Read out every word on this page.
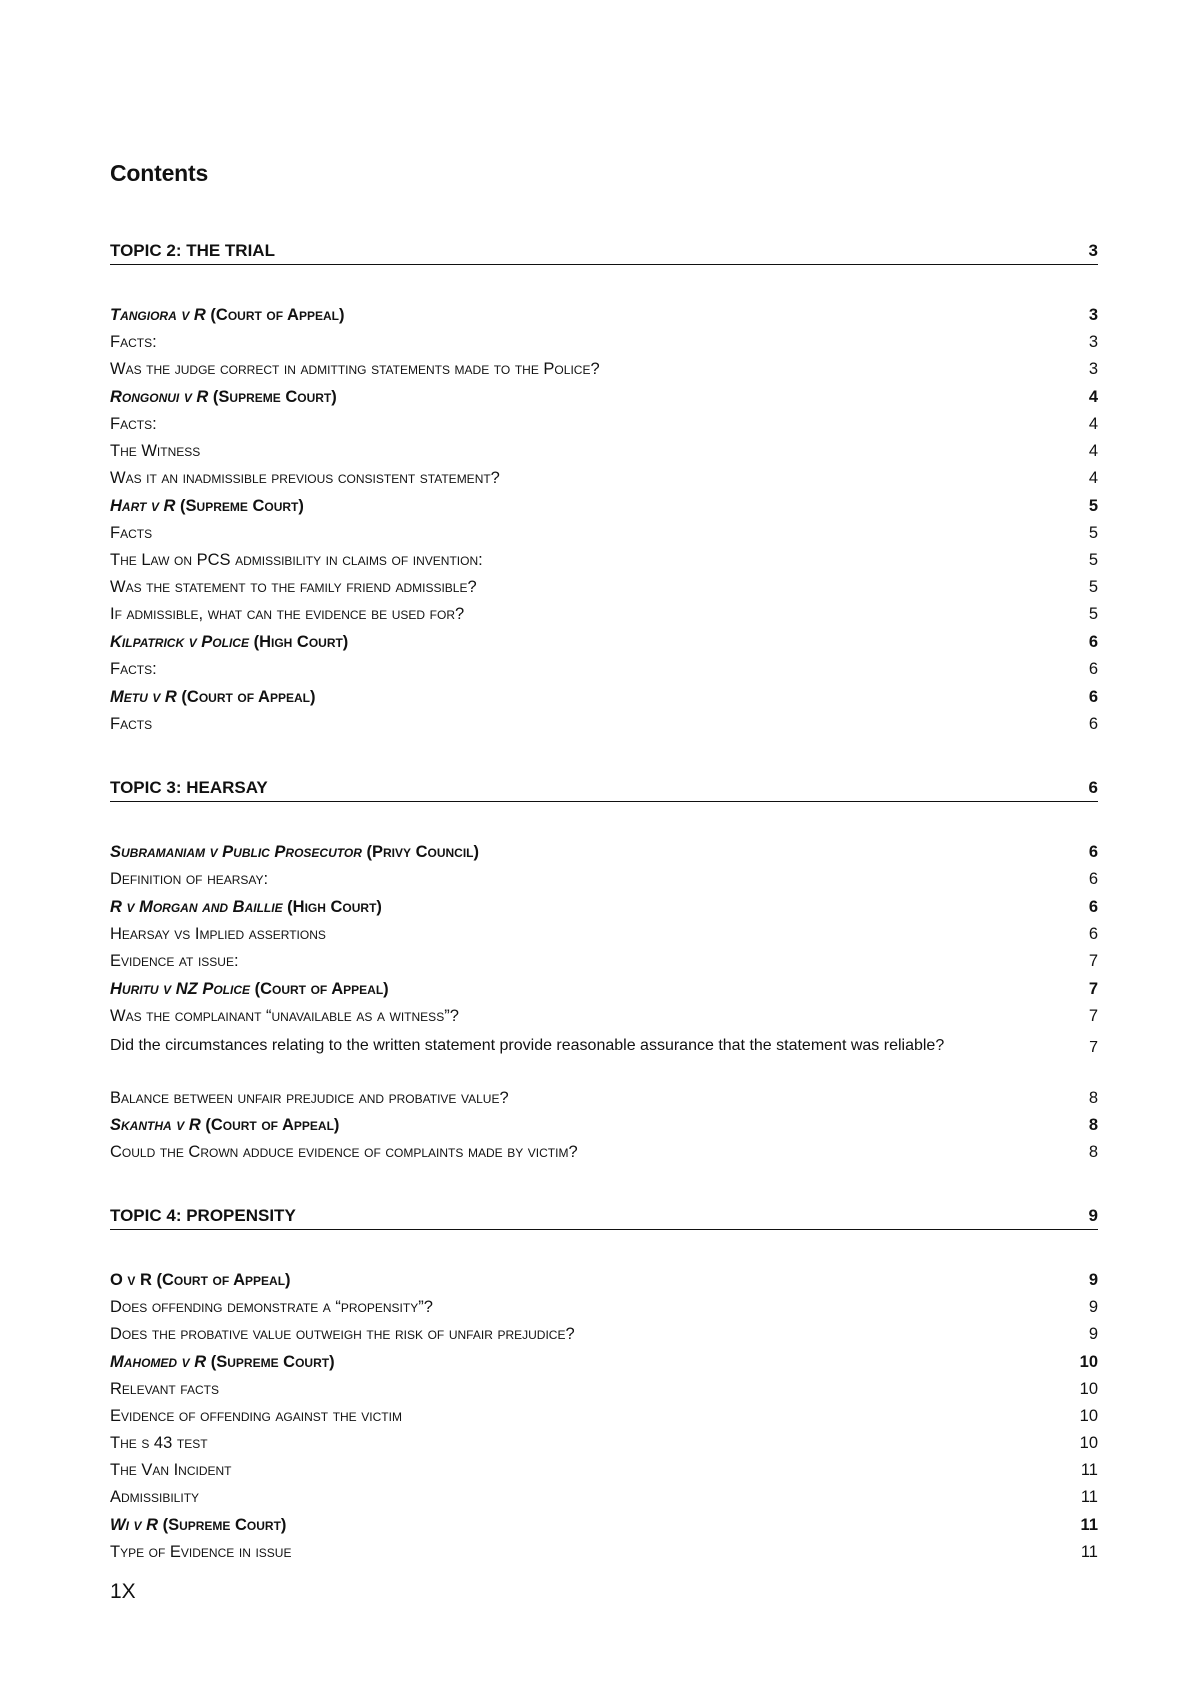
Contents
TOPIC 2: THE TRIAL	3
Tangiora v R (Court of Appeal)	3
Facts:	3
Was the judge correct in admitting statements made to the Police?	3
Rongonui v R (Supreme Court)	4
Facts:	4
The Witness	4
Was it an inadmissible previous consistent statement?	4
Hart v R (Supreme Court)	5
Facts	5
The Law on PCS admissibility in claims of invention:	5
Was the statement to the family friend admissible?	5
If admissible, what can the evidence be used for?	5
Kilpatrick v Police (High Court)	6
Facts:	6
Metu v R (Court of Appeal)	6
Facts	6
TOPIC 3: HEARSAY	6
Subramaniam v Public Prosecutor (Privy Council)	6
Definition of hearsay:	6
R v Morgan and Baillie (High Court)	6
Hearsay vs Implied assertions	6
Evidence at issue:	7
Huritu v NZ Police (Court of Appeal)	7
Was the complainant “unavailable as a witness”?	7
Did the circumstances relating to the written statement provide reasonable assurance that the statement was reliable?	7
Balance between unfair prejudice and probative value?	8
Skantha v R (Court of Appeal)	8
Could the Crown adduce evidence of complaints made by victim?	8
TOPIC 4: PROPENSITY	9
O v R (Court of Appeal)	9
Does offending demonstrate a “propensity”?	9
Does the probative value outweigh the risk of unfair prejudice?	9
Mahomed v R (Supreme Court)	10
Relevant facts	10
Evidence of offending against the victim	10
The s 43 test	10
The Van Incident	11
Admissibility	11
Wi v R (Supreme Court)	11
Type of Evidence in issue	11
1X
